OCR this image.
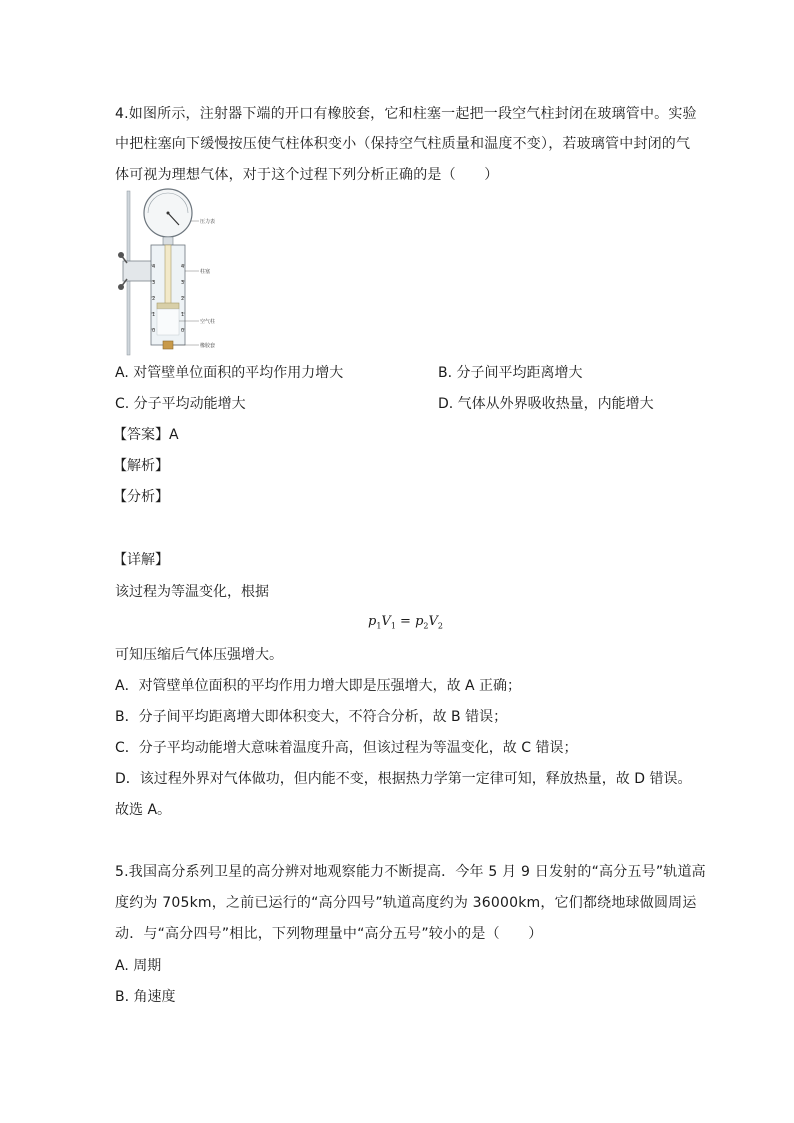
4.如图所示，注射器下端的开口有橡胶套，它和柱塞一起把一段空气柱封闭在玻璃管中。实验
中把柱塞向下缓慢按压使气柱体积变小（保持空气柱质量和温度不变），若玻璃管中封闭的气
体可视为理想气体，对于这个过程下列分析正确的是（　　）
4
3
2
1
0
4
3
2
1
0
压力表
柱塞
空气柱
橡胶套
A. 对管壁单位面积的平均作用力增大	B. 分子间平均距离增大
C. 分子平均动能增大	D. 气体从外界吸收热量，内能增大
【答案】A
【解析】
【分析】
【详解】
该过程为等温变化，根据
$p_1V_1 = p_2V_2$
可知压缩后气体压强增大。
A．对管壁单位面积的平均作用力增大即是压强增大，故 A 正确；
B．分子间平均距离增大即体积变大，不符合分析，故 B 错误；
C．分子平均动能增大意味着温度升高，但该过程为等温变化，故 C 错误；
D．该过程外界对气体做功，但内能不变，根据热力学第一定律可知，释放热量，故 D 错误。
故选 A。
5.我国高分系列卫星的高分辨对地观察能力不断提高．今年 5 月 9 日发射的“高分五号”轨道高
度约为 705km，之前已运行的“高分四号”轨道高度约为 36000km，它们都绕地球做圆周运
动．与“高分四号”相比，下列物理量中“高分五号”较小的是（　　）
A. 周期
B. 角速度
